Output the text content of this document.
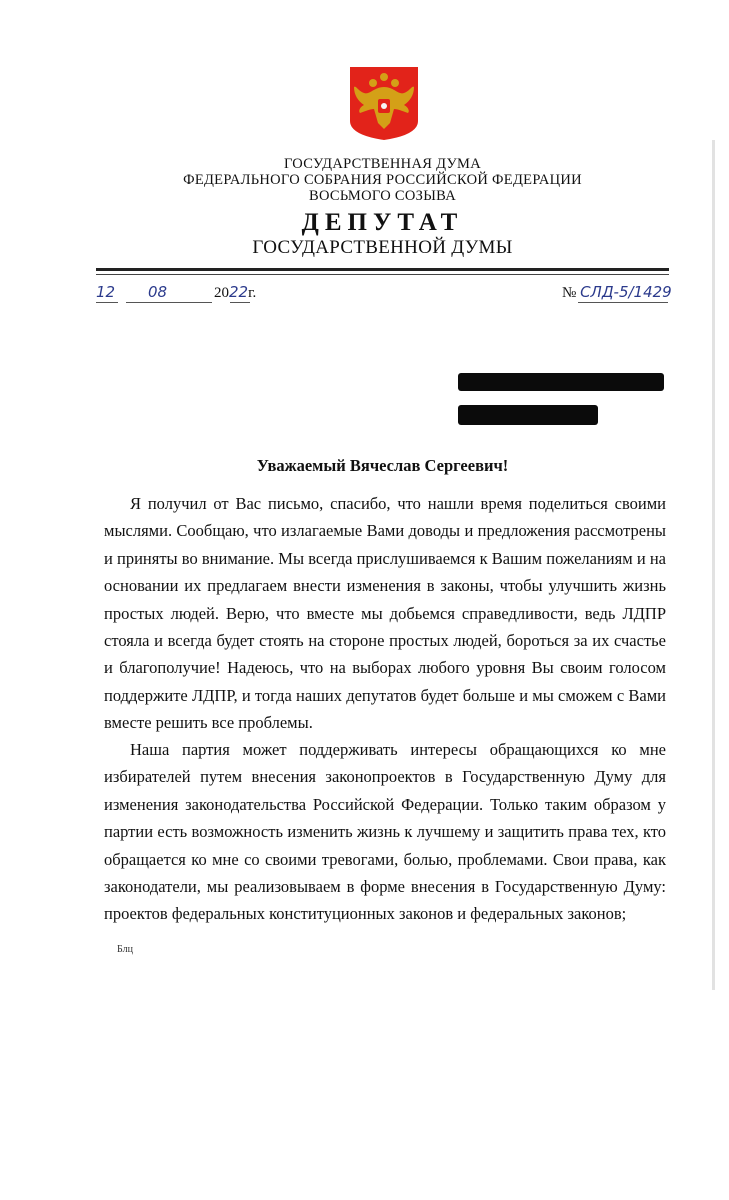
ГОСУДАРСТВЕННАЯ ДУМА
ФЕДЕРАЛЬНОГО СОБРАНИЯ РОССИЙСКОЙ ФЕДЕРАЦИИ
ВОСЬМОГО СОЗЫВА
ДЕПУТАТ
ГОСУДАРСТВЕННОЙ ДУМЫ
12 08	2022г.	№ СЛД-5/1429
Уважаемый Вячеслав Сергеевич!

Я получил от Вас письмо, спасибо, что нашли время поделиться своими мыслями. Сообщаю, что излагаемые Вами доводы и предложения рассмотрены и приняты во внимание. Мы всегда прислушиваемся к Вашим пожеланиям и на основании их предлагаем внести изменения в законы, чтобы улучшить жизнь простых людей. Верю, что вместе мы добьемся справедливости, ведь ЛДПР стояла и всегда будет стоять на стороне простых людей, бороться за их счастье и благополучие! Надеюсь, что на выборах любого уровня Вы своим голосом поддержите ЛДПР, и тогда наших депутатов будет больше и мы сможем с Вами вместе решить все проблемы.

Наша партия может поддерживать интересы обращающихся ко мне избирателей путем внесения законопроектов в Государственную Думу для изменения законодательства Российской Федерации. Только таким образом у партии есть возможность изменить жизнь к лучшему и защитить права тех, кто обращается ко мне со своими тревогами, болью, проблемами. Свои права, как законодатели, мы реализовываем в форме внесения в Государственную Думу: проектов федеральных конституционных законов и федеральных законов;

Блц
